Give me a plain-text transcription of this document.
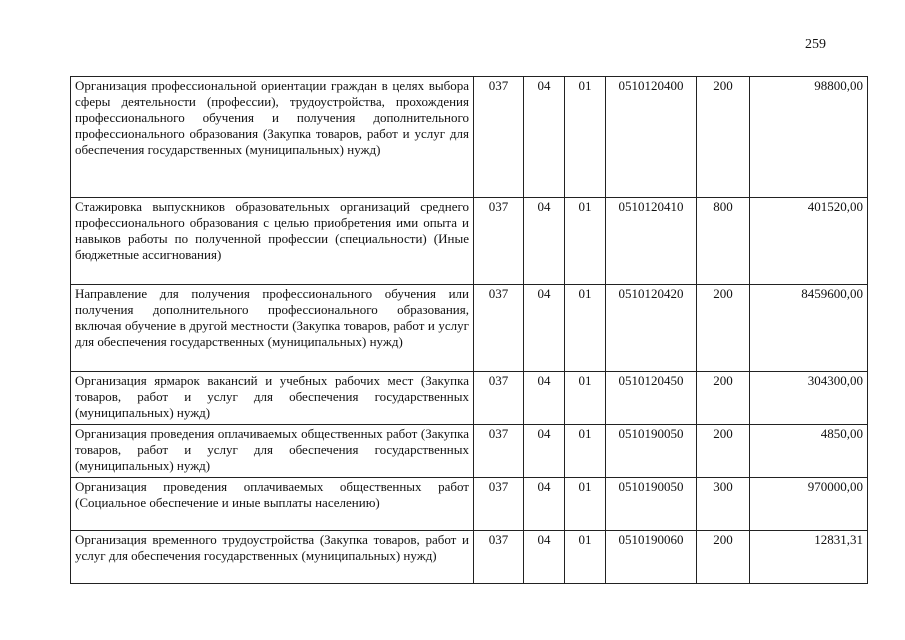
259
Организация профессиональной ориентации граждан в целях выбора сферы деятельности (профессии), трудоустройства, прохождения профессионального обучения и получения дополнительного профессионального образования (Закупка товаров, работ и услуг для обеспечения государственных (муниципальных) нужд)	037	04	01	0510120400	200	98800,00
Стажировка выпускников образовательных организаций среднего профессионального образования с целью приобретения ими опыта и навыков работы по полученной профессии (специальности) (Иные бюджетные ассигнования)	037	04	01	0510120410	800	401520,00
Направление для получения профессионального обучения или получения дополнительного профессионального образования, включая обучение в другой местности (Закупка товаров, работ и услуг для обеспечения государственных (муниципальных) нужд)	037	04	01	0510120420	200	8459600,00
Организация ярмарок вакансий и учебных рабочих мест (Закупка товаров, работ и услуг для обеспечения государственных (муниципальных) нужд)	037	04	01	0510120450	200	304300,00
Организация проведения оплачиваемых общественных работ (Закупка товаров, работ и услуг для обеспечения государственных (муниципальных) нужд)	037	04	01	0510190050	200	4850,00
Организация проведения оплачиваемых общественных работ (Социальное обеспечение и иные выплаты населению)	037	04	01	0510190050	300	970000,00
Организация временного трудоустройства (Закупка товаров, работ и услуг для обеспечения государственных (муниципальных) нужд)	037	04	01	0510190060	200	12831,31
